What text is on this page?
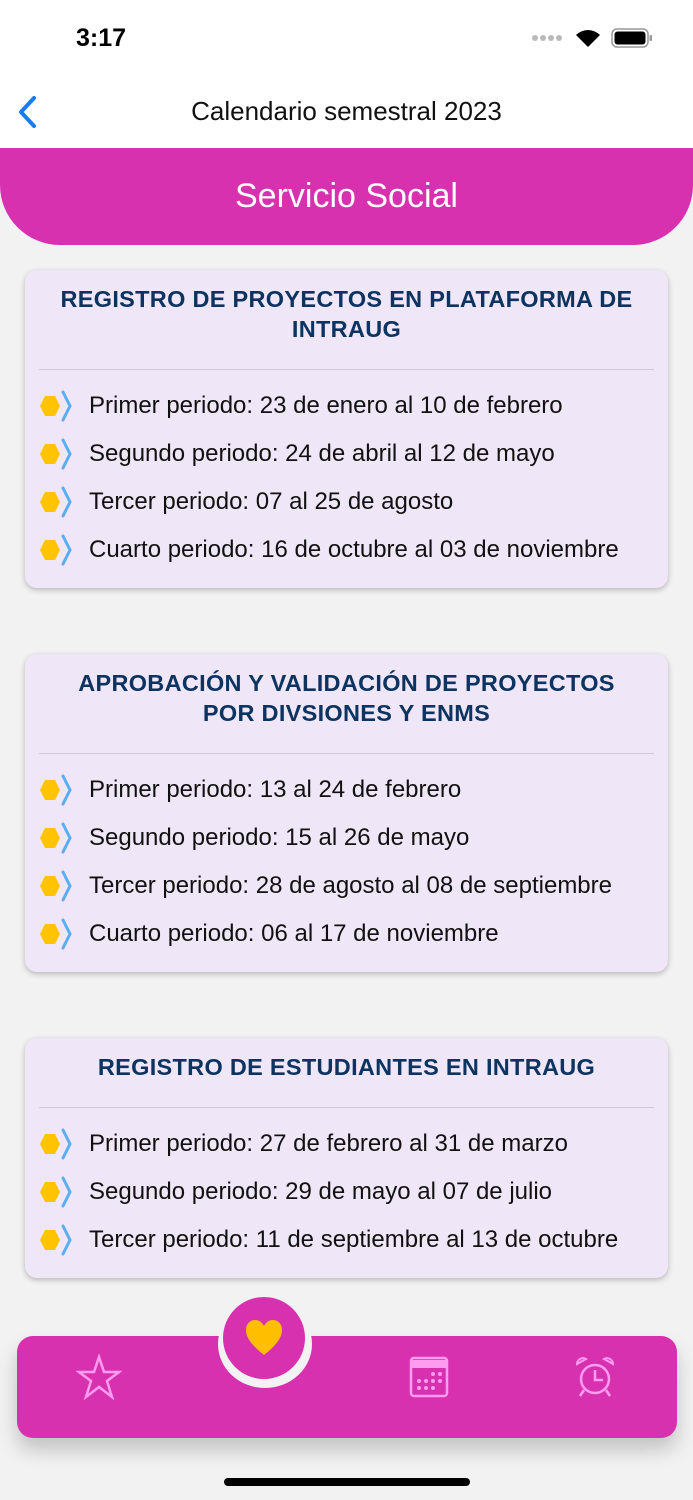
3:17
Calendario semestral 2023
Servicio Social
REGISTRO DE PROYECTOS EN PLATAFORMA DE INTRAUG
Primer periodo: 23 de enero al 10 de febrero
Segundo periodo: 24 de abril al 12 de mayo
Tercer periodo: 07 al 25 de agosto
Cuarto periodo: 16 de octubre al 03 de noviembre
APROBACIÓN Y VALIDACIÓN DE PROYECTOS POR DIVSIONES Y ENMS
Primer periodo: 13 al 24 de febrero
Segundo periodo: 15 al 26 de mayo
Tercer periodo: 28 de agosto al 08 de septiembre
Cuarto periodo: 06 al 17 de noviembre
REGISTRO DE ESTUDIANTES EN INTRAUG
Primer periodo: 27 de febrero al 31 de marzo
Segundo periodo: 29 de mayo al 07 de julio
Tercer periodo: 11 de septiembre al 13 de octubre
